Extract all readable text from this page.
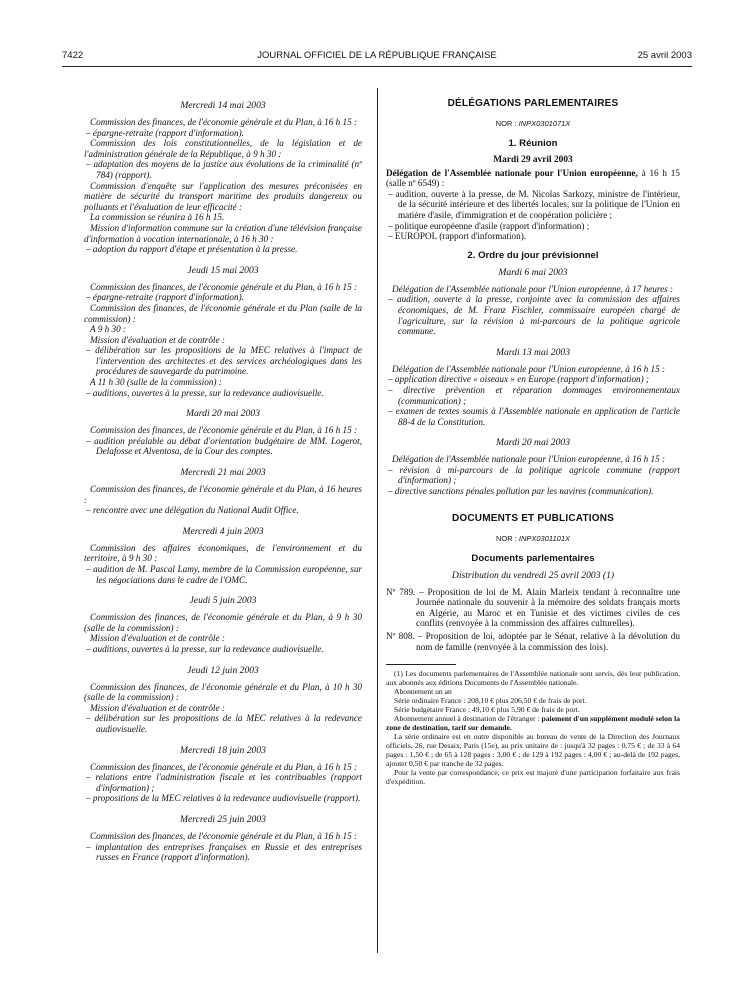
7422	JOURNAL OFFICIEL DE LA RÉPUBLIQUE FRANÇAISE	25 avril 2003
Mercredi 14 mai 2003

Commission des finances, de l'économie générale et du Plan, à 16 h 15 :

– épargne-retraite (rapport d'information).

Commission des lois constitutionnelles, de la législation et de l'administration générale de la République, à 9 h 30 :

– adaptation des moyens de la justice aux évolutions de la criminalité (nº 784) (rapport).

Commission d'enquête sur l'application des mesures préconisées en matière de sécurité du transport maritime des produits dangereux ou polluants et l'évaluation de leur efficacité :

La commission se réunira à 16 h 15.

Mission d'information commune sur la création d'une télévision française d'information à vocation internationale, à 16 h 30 :

– adoption du rapport d'étape et présentation à la presse.

Jeudi 15 mai 2003

Commission des finances, de l'économie générale et du Plan, à 16 h 15 :

– épargne-retraite (rapport d'information).

Commission des finances, de l'économie générale et du Plan (salle de la commission) :

A 9 h 30 :

Mission d'évaluation et de contrôle :

– délibération sur les propositions de la MEC relatives à l'impact de l'intervention des architectes et des services archéologiques dans les procédures de sauvegarde du patrimoine.

A 11 h 30 (salle de la commission) :

– auditions, ouvertes à la presse, sur la redevance audiovisuelle.

Mardi 20 mai 2003

Commission des finances, de l'économie générale et du Plan, à 16 h 15 :

– audition préalable au débat d'orientation budgétaire de MM. Logerot, Delafosse et Alventosa, de la Cour des comptes.

Mercredi 21 mai 2003

Commission des finances, de l'économie générale et du Plan, à 16 heures :

– rencontre avec une délégation du National Audit Office.

Mercredi 4 juin 2003

Commission des affaires économiques, de l'environnement et du territoire, à 9 h 30 :

– audition de M. Pascal Lamy, membre de la Commission européenne, sur les négociations dans le cadre de l'OMC.

Jeudi 5 juin 2003

Commission des finances, de l'économie générale et du Plan, à 9 h 30 (salle de la commission) :

Mission d'évaluation et de contrôle :

– auditions, ouvertes à la presse, sur la redevance audiovisuelle.

Jeudi 12 juin 2003

Commission des finances, de l'économie générale et du Plan, à 10 h 30 (salle de la commission) :

Mission d'évaluation et de contrôle :

– délibération sur les propositions de la MEC relatives à la redevance audiovisuelle.

Mercredi 18 juin 2003

Commission des finances, de l'économie générale et du Plan, à 16 h 15 :

– relations entre l'administration fiscale et les contribuables (rapport d'information) ;

– propositions de la MEC relatives à la redevance audiovisuelle (rapport).

Mercredi 25 juin 2003

Commission des finances, de l'économie générale et du Plan, à 16 h 15 :

– implantation des entreprises françaises en Russie et des entreprises russes en France (rapport d'information).

DÉLÉGATIONS PARLEMENTAIRES
NOR : INPX0301071X
1. Réunion
Mardi 29 avril 2003

Délégation de l'Assemblée nationale pour l'Union européenne, à 16 h 15 (salle nº 6549) :

– audition, ouverte à la presse, de M. Nicolas Sarkozy, ministre de l'intérieur, de la sécurité intérieure et des libertés locales, sur la politique de l'Union en matière d'asile, d'immigration et de coopération policière ;

– politique européenne d'asile (rapport d'information) ;

– EUROPOL (rapport d'information).

2. Ordre du jour prévisionnel
Mardi 6 mai 2003

Délégation de l'Assemblée nationale pour l'Union européenne, à 17 heures :

– audition, ouverte à la presse, conjointe avec la commission des affaires économiques, de M. Franz Fischler, commissaire européen chargé de l'agriculture, sur la révision à mi-parcours de la politique agricole commune.

Mardi 13 mai 2003

Délégation de l'Assemblée nationale pour l'Union européenne, à 16 h 15 :

– application directive « oiseaux » en Europe (rapport d'information) ;

– directive prévention et réparation dommages environnementaux (communication) ;

– examen de textes soumis à l'Assemblée nationale en application de l'article 88-4 de la Constitution.

Mardi 20 mai 2003

Délégation de l'Assemblée nationale pour l'Union européenne, à 16 h 15 :

– révision à mi-parcours de la politique agricole commune (rapport d'information) ;

– directive sanctions pénales pollution par les navires (communication).

DOCUMENTS ET PUBLICATIONS
NOR : INPX0301101X
Documents parlementaires
Distribution du vendredi 25 avril 2003 (1)

Nº 789. – Proposition de loi de M. Alain Marleix tendant à reconnaître une Journée nationale du souvenir à la mémoire des soldats français morts en Algérie, au Maroc et en Tunisie et des victimes civiles de ces conflits (renvoyée à la commission des affaires culturelles).

Nº 808. – Proposition de loi, adoptée par le Sénat, relative à la dévolution du nom de famille (renvoyée à la commission des lois).

(1) Les documents parlementaires de l'Assemblée nationale sont servis, dès leur publication, aux abonnés aux éditions Documents de l'Assemblée nationale.

Abonnement un an

Série ordinaire France : 208,10 € plus 206,50 € de frais de port.

Série budgétaire France : 49,10 € plus 5,90 € de frais de port.

Abonnement annuel à destination de l'étranger : paiement d'un supplément modulé selon la zone de destination, tarif sur demande.

La série ordinaire est en outre disponible au bureau de vente de la Direction des Journaux officiels, 26, rue Desaix, Paris (15e), au prix unitaire de : jusqu'à 32 pages : 0,75 € ; de 33 à 64 pages : 1,50 € ; de 65 à 128 pages : 3,00 € ; de 129 à 192 pages : 4,00 € ; au-delà de 192 pages, ajouter 0,50 € par tranche de 32 pages.

Pour la vente par correspondance, ce prix est majoré d'une participation forfaitaire aux frais d'expédition.
